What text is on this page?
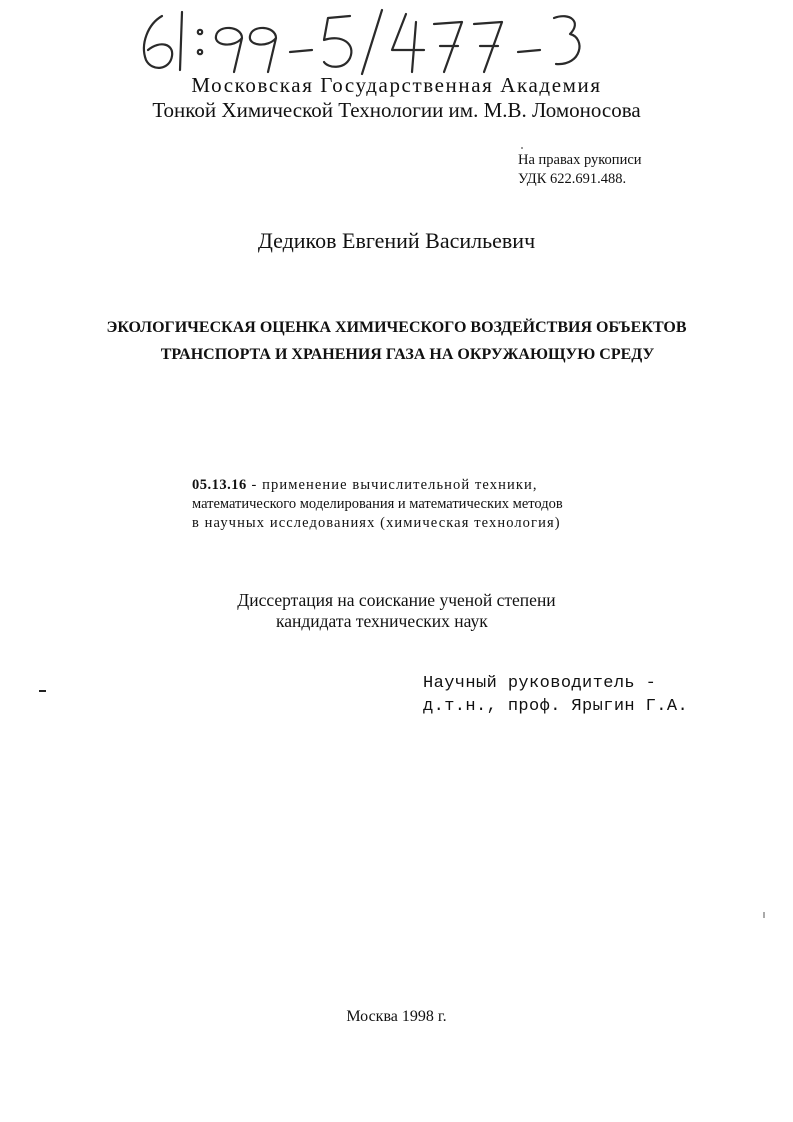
Московская Государственная Академия
Тонкой Химической Технологии им. М.В. Ломоносова
На правах рукописи
УДК 622.691.488.
Дедиков Евгений Васильевич
ЭКОЛОГИЧЕСКАЯ ОЦЕНКА ХИМИЧЕСКОГО ВОЗДЕЙСТВИЯ ОБЪЕКТОВ
ТРАНСПОРТА И ХРАНЕНИЯ ГАЗА НА ОКРУЖАЮЩУЮ СРЕДУ
05.13.16 - применение вычислительной техники,
математического моделирования и математических методов
в научных исследованиях (химическая технология)
Диссертация на соискание ученой степени
кандидата технических наук
Научный руководитель -
д.т.н., проф. Ярыгин Г.А.
Москва 1998 г.
